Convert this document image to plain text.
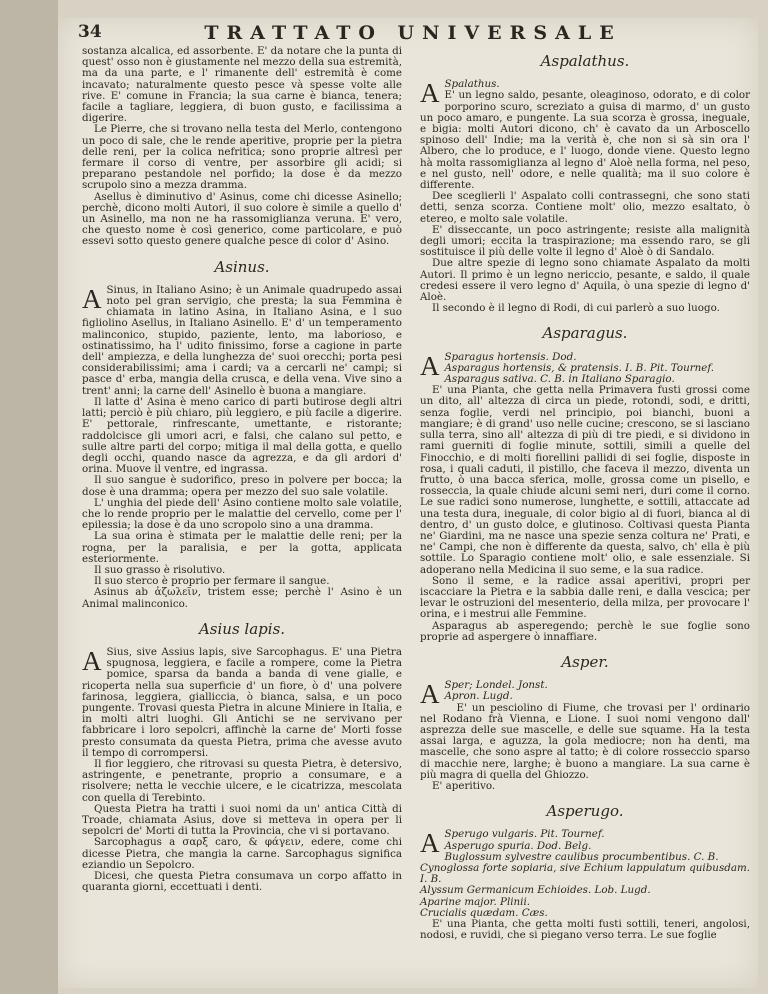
34	TRATTATO UNIVERSALE

sostanza alcalica, ed assorbente. E' da notare che la punta di quest' osso non è giustamente nel mezzo della sua estremità, ma da una parte, e l' rimanente dell' estremità è come incavato; naturalmente questo pesce và spesse volte alle rive. E' comune in Francia; la sua carne è bianca, tenera; facile a tagliare, leggiera, di buon gusto, e facilissima a digerire.

Le Pierre, che si trovano nella testa del Merlo, contengono un poco di sale, che le rende aperitive, proprie per la pietra delle reni, per la colica nefritica; sono proprie altresì per fermare il corso di ventre, per assorbire gli acidi; si preparano pestandole nel porfido; la dose è da mezzo scrupolo sino a mezza dramma.

Asellus è diminutivo d' Asinus, come chi dicesse Asinello; perchè, dicono molti Autori, il suo colore è simile a quello d' un Asinello, ma non ne ha rassomiglianza veruna. E' vero, che questo nome è così generico, come particolare, e può essevi sotto questo genere qualche pesce di color d' Asino.

Asinus.

A Sinus, in Italiano Asino; è un Animale quadrupedo assai noto pel gran servigio, che presta; la sua Femmina è chiamata in latino Asina, in Italiano Asina, e l suo figliolino Asellus, in Italiano Asinello. E' d' un temperamento malinconico, stupido, paziente, lento, ma laborioso, e ostinatissimo, ha l' udito finissimo, forse a cagione in parte dell' ampiezza, e della lunghezza de' suoi orecchi; porta pesi considerabilissimi; ama i cardi; va a cercarli ne' campi; si pasce d' erba, mangia della crusca, e della vena. Vive sino a trent' anni; la carne dell' Asinello è buona a mangiare.

Il latte d' Asina è meno carico di parti butirose degli altri latti; perciò è più chiaro, più leggiero, e più facile a digerire. E' pettorale, rinfrescante, umettante, e ristorante; raddolcisce gli umori acri, e falsi, che calano sul petto, e sulle altre parti del corpo; mitiga il mal della gotta, e quello degli occhi, quando nasce da agrezza, e da gli ardori d' orina. Muove il ventre, ed ingrassa.

Il suo sangue è sudorifico, preso in polvere per bocca; la dose è una dramma; opera per mezzo del suo sale volatile.

L' unghia del piede dell' Asino contiene molto sale volatile, che lo rende proprio per le malattie del cervello, come per l' epilessia; la dose è da uno scropolo sino a una dramma.

La sua orina è stimata per le malattie delle reni; per la rogna, per la paralisia, e per la gotta, applicata esteriormente.

Il suo grasso è risolutivo.

Il suo sterco è proprio per fermare il sangue.

Asinus ab ἀζωλεῖν, tristem esse; perchè l' Asino è un Animal malinconico.

Asius lapis.

A Sius, sive Assius lapis, sive Sarcophagus. E' una Pietra spugnosa, leggiera, e facile a rompere, come la Pietra pomice, sparsa da banda a banda di vene gialle, e ricoperta nella sua superficie d' un fiore, ò d' una polvere farinosa, leggiera, gialliccia, ò bianca, salsa, e un poco pungente. Trovasi questa Pietra in alcune Miniere in Italia, e in molti altri luoghi. Gli Antichi se ne servivano per fabbricare i loro sepolcri, affinchè la carne de' Morti fosse presto consumata da questa Pietra, prima che avesse avuto il tempo di corrompersi.

Il fior leggiero, che ritrovasi su questa Pietra, è detersivo, astringente, e penetrante, proprio a consumare, e a risolvere; netta le vecchie ulcere, e le cicatrizza, mescolata con quella di Terebinto.

Questa Pietra ha tratti i suoi nomi da un' antica Città di Troade, chiamata Asius, dove si metteva in opera per li sepolcri de' Morti di tutta la Provincia, che vi si portavano.

Sarcophagus a σαρξ caro, & φάγειν, edere, come chi dicesse Pietra, che mangia la carne. Sarcophagus significa eziandio un Sepolcro.

Dicesi, che questa Pietra consumava un corpo affatto in quaranta giorni, eccettuati i denti.

Aspalathus.

A Spalathus.
E' un legno saldo, pesante, oleaginoso, odorato, e di color porporino scuro, screziato a guisa di marmo, d' un gusto un poco amaro, e pungente. La sua scorza è grossa, ineguale, e bigia: molti Autori dicono, ch' è cavato da un Arboscello spinoso dell' Indie; ma la verità è, che non si sà sin ora l' Albero, che lo produce, e l' luogo, donde viene. Questo legno hà molta rassomiglianza al legno d' Aloè nella forma, nel peso, e nel gusto, nell' odore, e nelle qualità; ma il suo colore è differente.

Dee sceglierli l' Aspalato colli contrassegni, che sono stati detti, senza scorza. Contiene molt' olio, mezzo esaltato, ò etereo, e molto sale volatile.

E' disseccante, un poco astringente; resiste alla malignità degli umori; eccita la traspirazione; ma essendo raro, se gli sostituisce il più delle volte il legno d' Aloè ò di Sandalo.

Due altre spezie di legno sono chiamate Aspalato da molti Autori. Il primo è un legno nericcio, pesante, e saldo, il quale credesi essere il vero legno d' Aquila, ò una spezie di legno d' Aloè.

Il secondo è il legno di Rodi, di cui parlerò a suo luogo.

Asparagus.

A Sparagus hortensis. Dod.
Asparagus hortensis, & pratensis. I. B. Pit. Tournef.
Asparagus sativa. C. B. in Italiano Sparagio.

E' una Pianta, che getta nella Primavera fusti grossi come un dito, all' altezza di circa un piede, rotondi, sodi, e dritti, senza foglie, verdi nel principio, poi bianchi, buoni a mangiare; è di grand' uso nelle cucine; crescono, se si lasciano sulla terra, sino all' altezza di più di tre piedi, e si dividono in rami guerniti di foglie minute, sottili, simili a quelle del Finocchio, e di molti fiorellini pallidi di sei foglie, disposte in rosa, i quali caduti, il pistillo, che faceva il mezzo, diventa un frutto, ò una bacca sferica, molle, grossa come un pisello, e rosseccia, la quale chiude alcuni semi neri, duri come il corno. Le sue radici sono numerose, lunghette, e sottili, attaccate ad una testa dura, ineguale, di color bigio al di fuori, bianca al di dentro, d' un gusto dolce, e glutinoso. Coltivasi questa Pianta ne' Giardini, ma ne nasce una spezie senza coltura ne' Prati, e ne' Campi, che non è differente da questa, salvo, ch' ella è più sottile. Lo Sparagio contiene molt' olio, e sale essenziale. Si adoperano nella Medicina il suo seme, e la sua radice.

Sono il seme, e la radice assai aperitivi, propri per iscacciare la Pietra e la sabbia dalle reni, e dalla vescica; per levar le ostruzioni del mesenterio, della milza, per provocare l' orina, e i mestrui alle Femmine.

Asparagus ab asperegendo; perchè le sue foglie sono proprie ad aspergere ò innaffiare.

Asper.

A Sper; Londel. Jonst.
Apron. Lugd.

E' un pesciolino di Fiume, che trovasi per l' ordinario nel Rodano frà Vienna, e Lione. I suoi nomi vengono dall' asprezza delle sue mascelle, e delle sue squame. Ha la testa assai larga, e aguzza, la gola mediocre; non ha denti, ma mascelle, che sono aspre al tatto; è di colore rosseccio sparso di macchie nere, larghe; è buono a mangiare. La sua carne è più magra di quella del Ghiozzo.

E' aperitivo.

Asperugo.

A Sperugo vulgaris. Pit. Tournef.
Asperugo spuria. Dod. Belg.
Buglossum sylvestre caulibus procumbentibus. C. B.
Cynoglossa forte sopiaria, sive Echium lappulatum quibusdam. I. B.
Alyssum Germanicum Echioides. Lob. Lugd.
Aparine major. Plinii.
Crucialis quædam. Cæs.

E' una Pianta, che getta molti fusti sottili, teneri, angolosi, nodosi, e ruvidi, che si piegano verso terra. Le sue foglie
